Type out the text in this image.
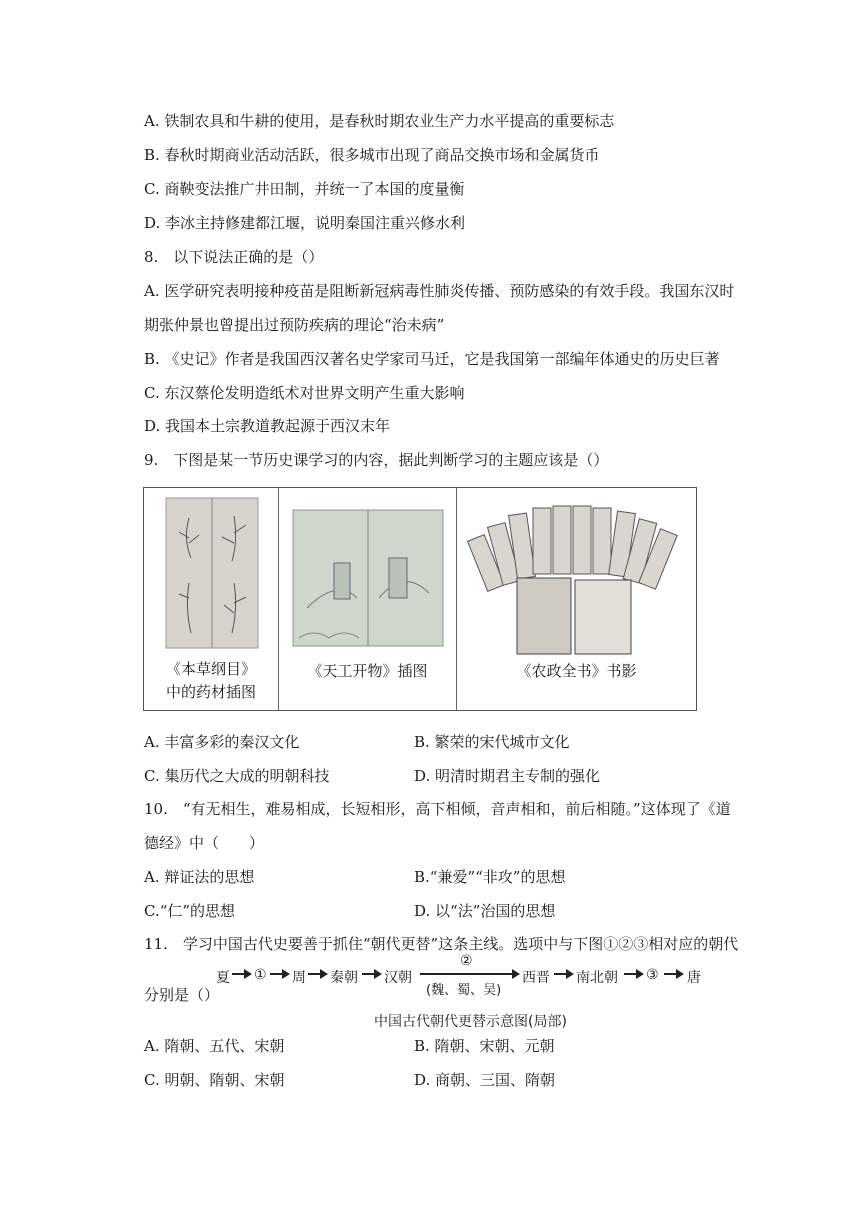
A. 铁制农具和牛耕的使用，是春秋时期农业生产力水平提高的重要标志
B. 春秋时期商业活动活跃，很多城市出现了商品交换市场和金属货币
C. 商鞅变法推广井田制，并统一了本国的度量衡
D. 李冰主持修建都江堰，说明秦国注重兴修水利
8.　以下说法正确的是（）
A. 医学研究表明接种疫苗是阻断新冠病毒性肺炎传播、预防感染的有效手段。我国东汉时
期张仲景也曾提出过预防疾病的理论“治未病”
B. 《史记》作者是我国西汉著名史学家司马迁，它是我国第一部编年体通史的历史巨著
C. 东汉蔡伦发明造纸术对世界文明产生重大影响
D. 我国本土宗教道教起源于西汉末年
9.　下图是某一节历史课学习的内容，据此判断学习的主题应该是（）
《本草纲目》
中的药材插图
《天工开物》插图	《农政全书》书影
A. 丰富多彩的秦汉文化	B. 繁荣的宋代城市文化
C. 集历代之大成的明朝科技	D. 明清时期君主专制的强化
10.　“有无相生，难易相成，长短相形，高下相倾，音声相和，前后相随。”这体现了《道
德经》中（　　）
A. 辩证法的思想	B.“兼爱”“非攻”的思想
C.“仁”的思想	D. 以“法”治国的思想
11.　学习中国古代史要善于抓住“朝代更替”这条主线。选项中与下图①②③相对应的朝代
分别是（）
夏 ① 周 秦朝 汉朝
②
(魏、蜀、吴)
西晋 南北朝 ③ 唐
中国古代朝代更替示意图(局部)
A. 隋朝、五代、宋朝	B. 隋朝、宋朝、元朝
C. 明朝、隋朝、宋朝	D. 商朝、三国、隋朝
